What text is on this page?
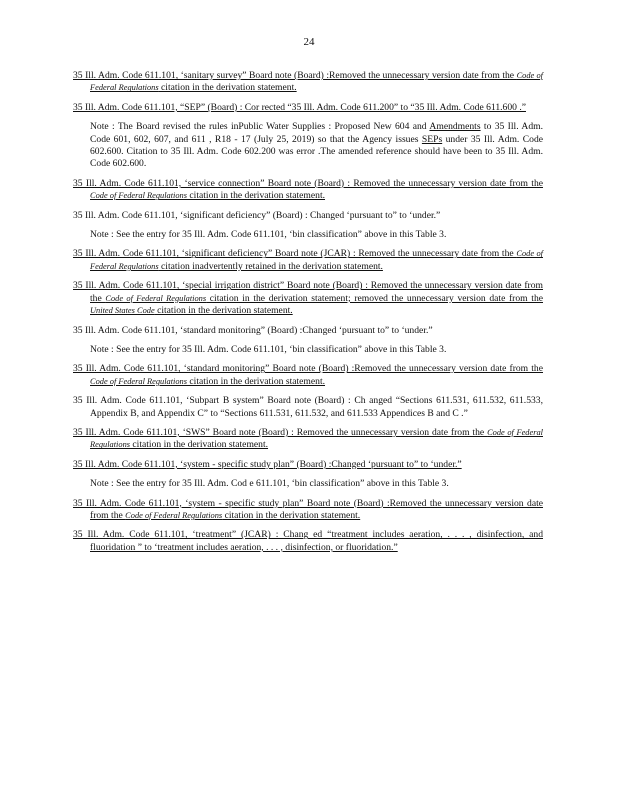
24

35 Ill. Adm. Code 611.101, ‘sanitary survey” Board note (Board) :Removed the unnecessary version date from the Code of Federal Regulations citation in the derivation statement.

35 Ill. Adm. Code 611.101, “SEP” (Board) : Cor rected “35 Ill. Adm. Code 611.200” to “35 Ill. Adm. Code 611.600 .”

Note : The Board revised the rules inPublic Water Supplies : Proposed New 604 and Amendments to 35 Ill. Adm. Code 601, 602, 607, and 611 , R18 - 17 (July 25, 2019) so that the Agency issues SEPs under 35 Ill. Adm. Code 602.600. Citation to 35 Ill. Adm. Code 602.200 was error .The amended reference should have been to 35 Ill. Adm. Code 602.600.

35 Ill. Adm. Code 611.101, ‘service connection” Board note (Board) : Removed the unnecessary version date from the Code of Federal Regulations citation in the derivation statement.

35 Ill. Adm. Code 611.101, ‘significant deficiency” (Board) : Changed ‘pursuant to” to ‘under.”

Note : See the entry for 35 Ill. Adm. Code 611.101, ‘bin classification” above in this Table 3.

35 Ill. Adm. Code 611.101, ‘significant deficiency” Board note (JCAR) : Removed the unnecessary date from the Code of Federal Regulations citation inadvertently retained in the derivation statement.

35 Ill. Adm. Code 611.101, ‘special irrigation district” Board note (Board) : Removed the unnecessary version date from the Code of Federal Regulations citation in the derivation statement; removed the unnecessary version date from the United States Code citation in the derivation statement.

35 Ill. Adm. Code 611.101, ‘standard monitoring” (Board) :Changed ‘pursuant to” to ‘under.”

Note : See the entry for 35 Ill. Adm. Code 611.101, ‘bin classification” above in this Table 3.

35 Ill. Adm. Code 611.101, ‘standard monitoring” Board note (Board) :Removed the unnecessary version date from the Code of Federal Regulations citation in the derivation statement.

35 Ill. Adm. Code 611.101, ‘Subpart B system” Board note (Board) : Ch anged “Sections 611.531, 611.532, 611.533, Appendix B, and Appendix C” to “Sections 611.531, 611.532, and 611.533 Appendices B and C .”

35 Ill. Adm. Code 611.101, ‘SWS” Board note (Board) : Removed the unnecessary version date from the Code of Federal Regulations citation in the derivation statement.

35 Ill. Adm. Code 611.101, ‘system - specific study plan” (Board) :Changed ‘pursuant to” to ‘under.”

Note : See the entry for 35 Ill. Adm. Cod e 611.101, ‘bin classification” above in this Table 3.

35 Ill. Adm. Code 611.101, ‘system - specific study plan” Board note (Board) :Removed the unnecessary version date from the Code of Federal Regulations citation in the derivation statement.

35 Ill. Adm. Code 611.101, ‘treatment” (JCAR) : Chang ed “treatment includes aeration, . . . , disinfection, and fluoridation ” to ‘treatment includes aeration, . . . , disinfection, or fluoridation.”
